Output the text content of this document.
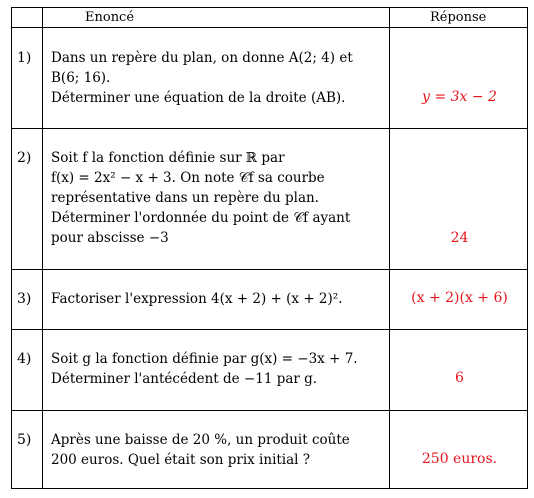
Enoncé	Réponse
1) Dans un repère du plan, on donne A(2; 4) et
B(6; 16).
Déterminer une équation de la droite (AB).	y = 3x − 2
2) Soit f la fonction définie sur ℝ par
f(x) = 2x² − x + 3. On note 𝒞f sa courbe
représentative dans un repère du plan.
Déterminer l'ordonnée du point de 𝒞f ayant
pour abscisse −3	24
3) Factoriser l'expression 4(x + 2) + (x + 2)².	(x + 2)(x + 6)
4) Soit g la fonction définie par g(x) = −3x + 7.
Déterminer l'antécédent de −11 par g.	6
5) Après une baisse de 20 %, un produit coûte
200 euros. Quel était son prix initial ?	250 euros.
